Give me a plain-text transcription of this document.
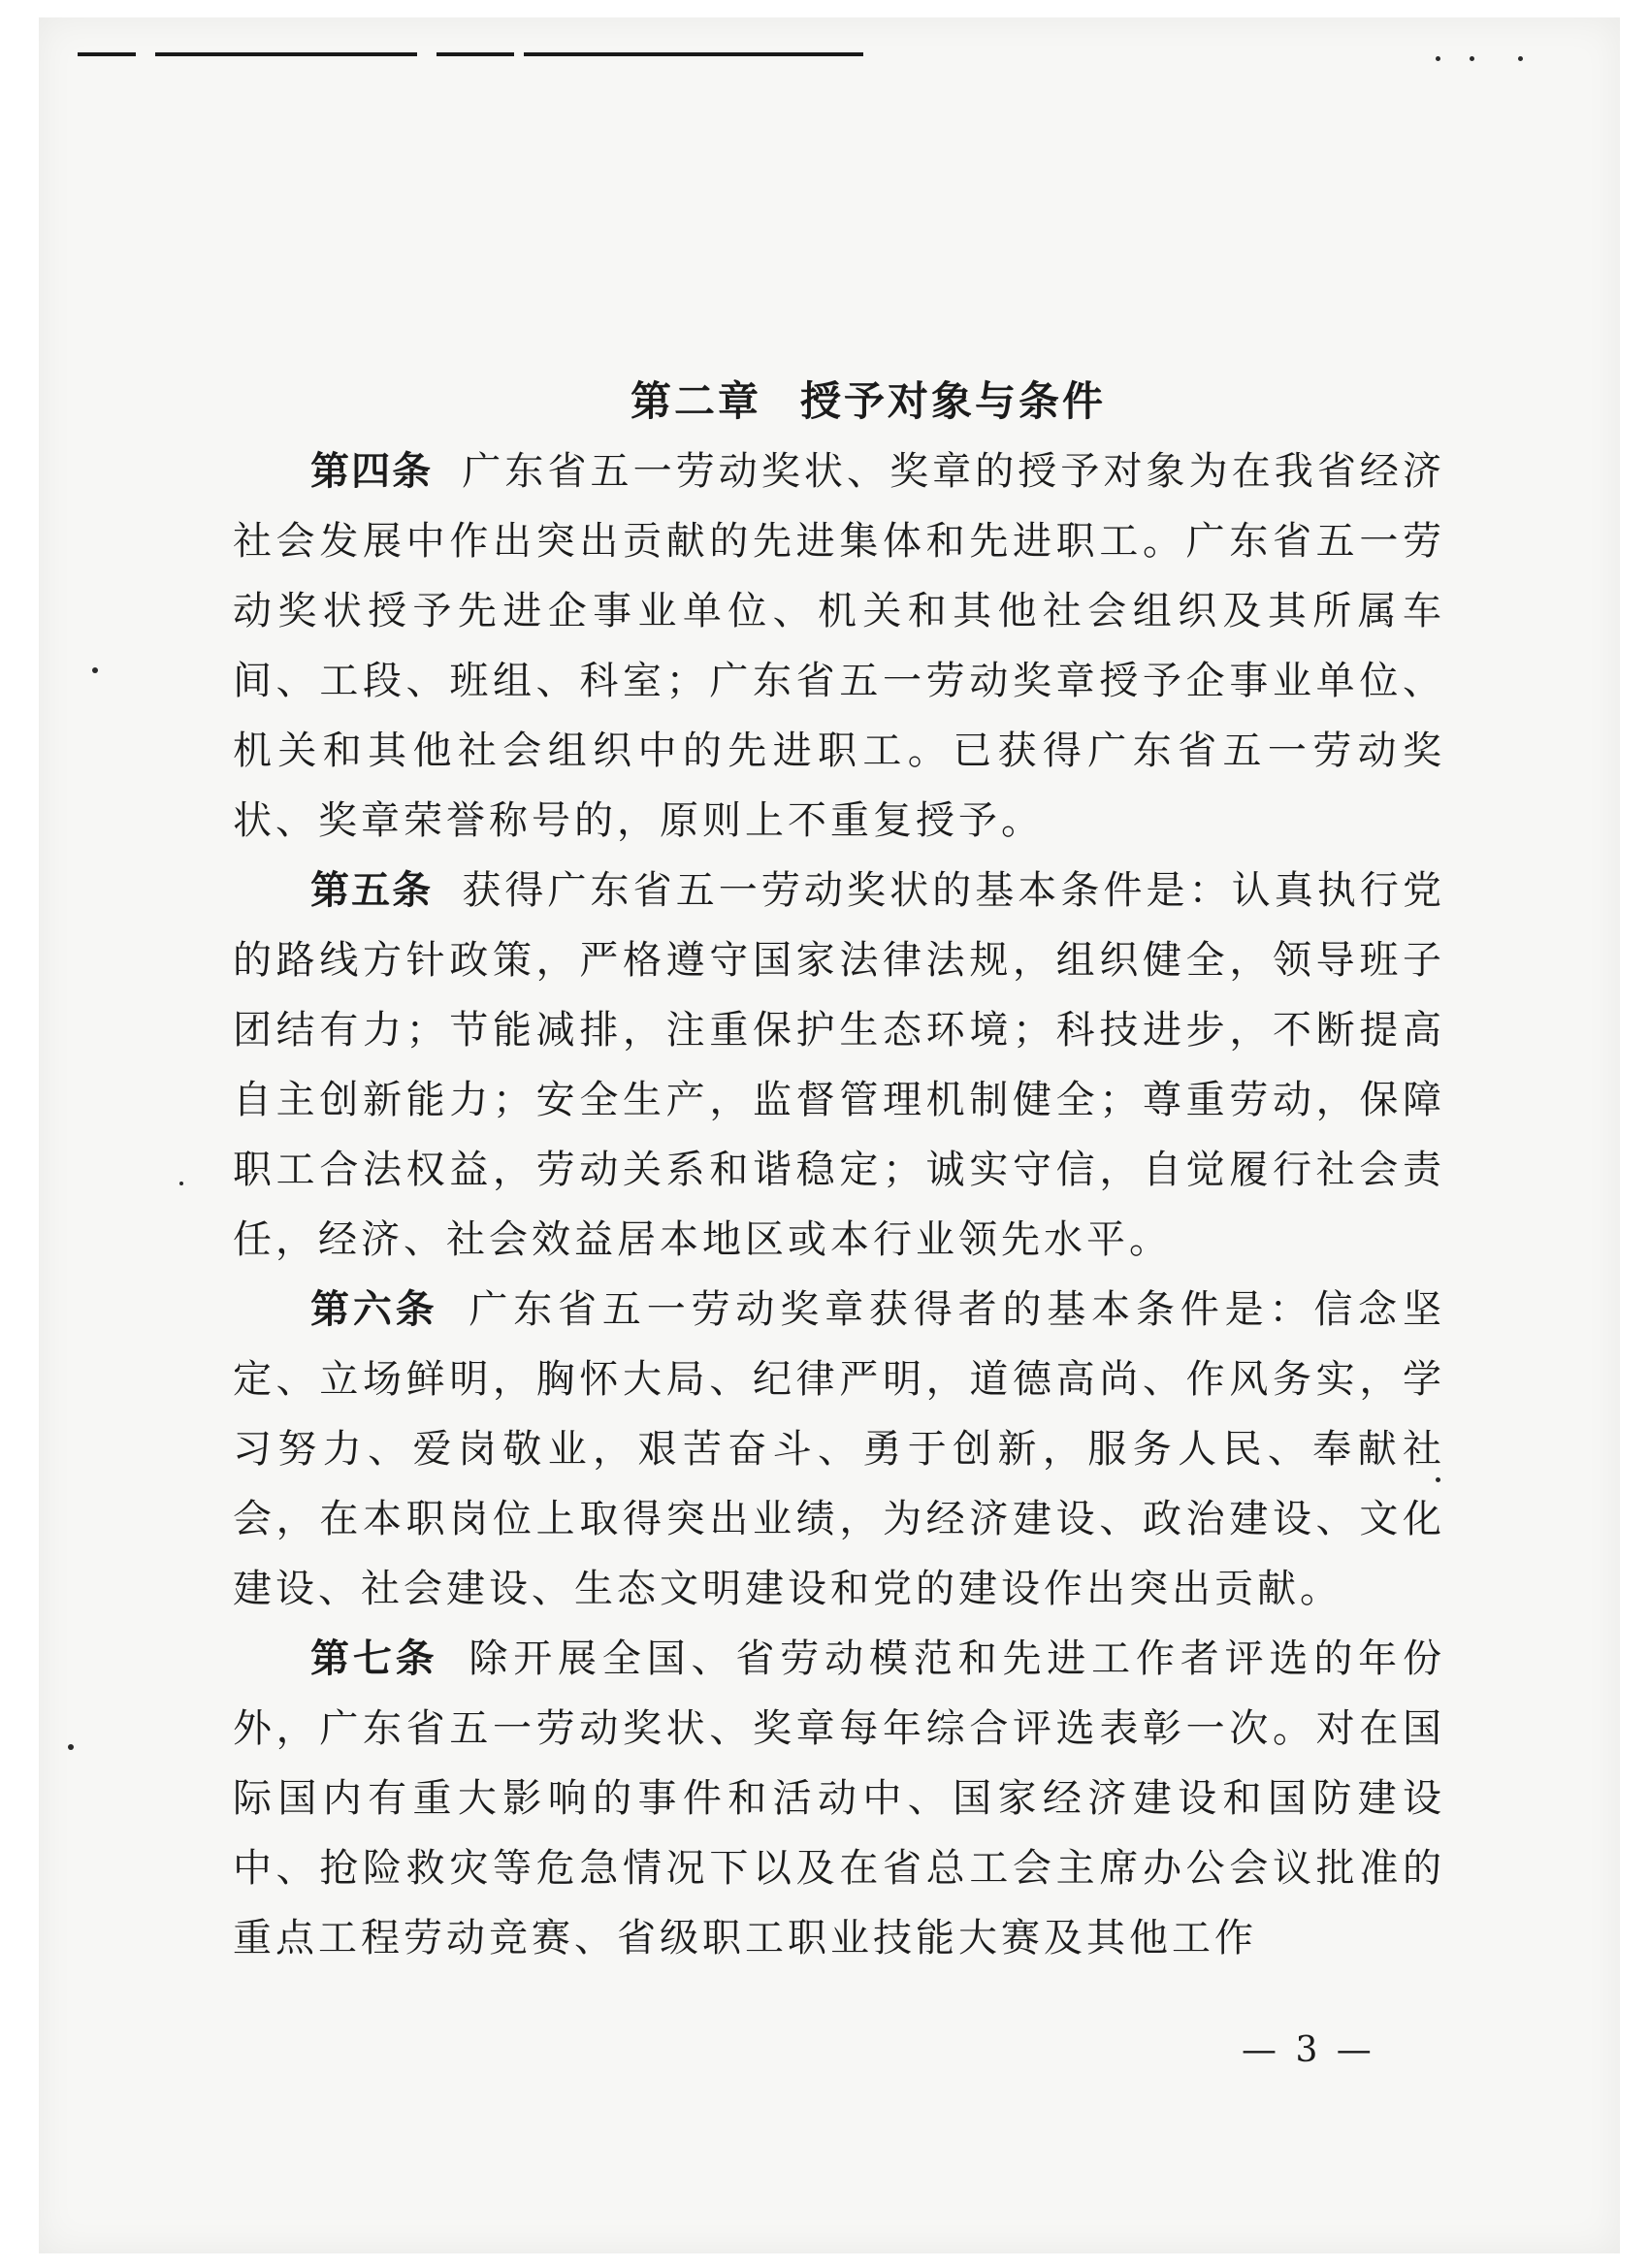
第二章 授予对象与条件

第四条 广东省五一劳动奖状、奖章的授予对象为在我省经济社会发展中作出突出贡献的先进集体和先进职工。广东省五一劳动奖状授予先进企事业单位、机关和其他社会组织及其所属车间、工段、班组、科室；广东省五一劳动奖章授予企事业单位、机关和其他社会组织中的先进职工。已获得广东省五一劳动奖状、奖章荣誉称号的，原则上不重复授予。

第五条 获得广东省五一劳动奖状的基本条件是：认真执行党的路线方针政策，严格遵守国家法律法规，组织健全，领导班子团结有力；节能减排，注重保护生态环境；科技进步，不断提高自主创新能力；安全生产，监督管理机制健全；尊重劳动，保障职工合法权益，劳动关系和谐稳定；诚实守信，自觉履行社会责任，经济、社会效益居本地区或本行业领先水平。

第六条 广东省五一劳动奖章获得者的基本条件是：信念坚定、立场鲜明，胸怀大局、纪律严明，道德高尚、作风务实，学习努力、爱岗敬业，艰苦奋斗、勇于创新，服务人民、奉献社会，在本职岗位上取得突出业绩，为经济建设、政治建设、文化建设、社会建设、生态文明建设和党的建设作出突出贡献。

第七条 除开展全国、省劳动模范和先进工作者评选的年份外，广东省五一劳动奖状、奖章每年综合评选表彰一次。对在国际国内有重大影响的事件和活动中、国家经济建设和国防建设中、抢险救灾等危急情况下以及在省总工会主席办公会议批准的重点工程劳动竞赛、省级职工职业技能大赛及其他工作

— 3 —
